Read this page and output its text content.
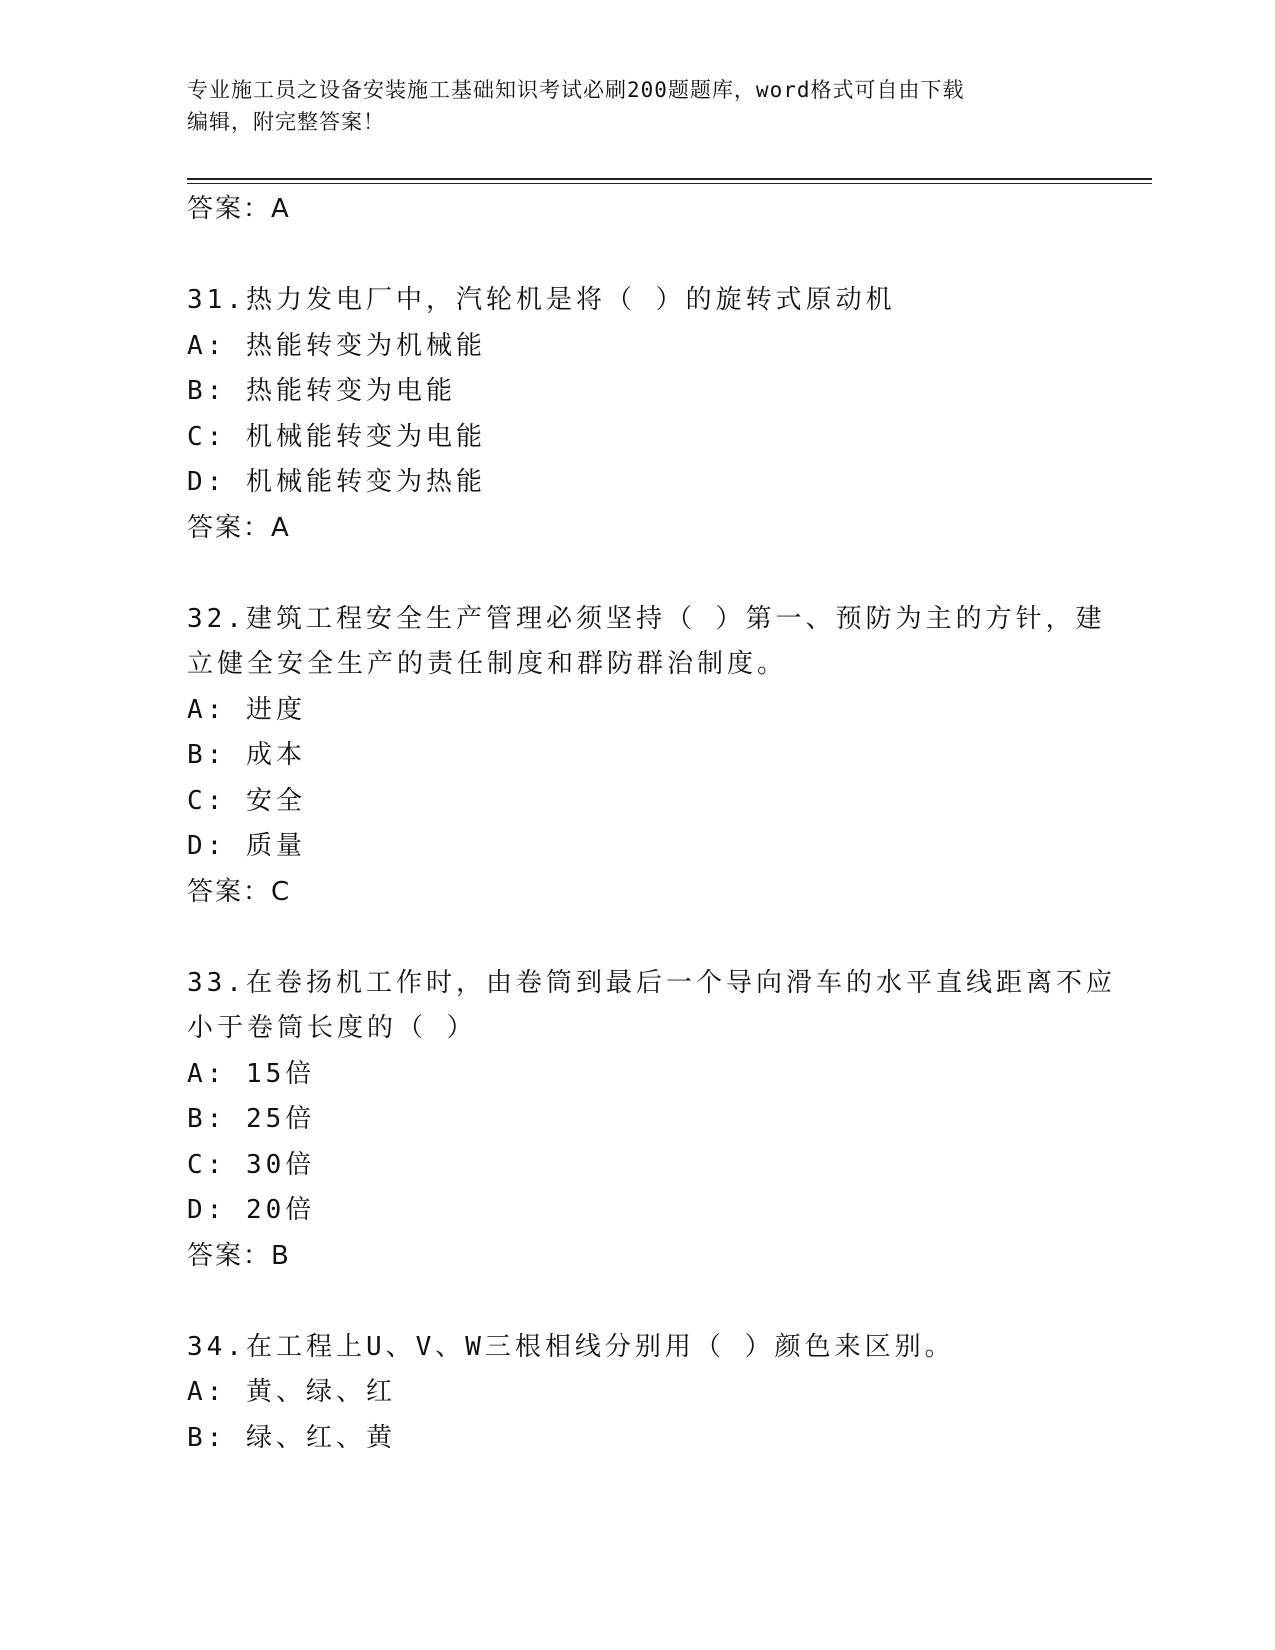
专业施工员之设备安装施工基础知识考试必刷200题题库，word格式可自由下载
编辑，附完整答案！
答案：A
31.热力发电厂中，汽轮机是将（ ）的旋转式原动机
A: 热能转变为机械能
B: 热能转变为电能
C: 机械能转变为电能
D: 机械能转变为热能
答案：A
32.建筑工程安全生产管理必须坚持（ ）第一、预防为主的方针，建
立健全安全生产的责任制度和群防群治制度。
A: 进度
B: 成本
C: 安全
D: 质量
答案：C
33.在卷扬机工作时，由卷筒到最后一个导向滑车的水平直线距离不应
小于卷筒长度的（ ）
A: 15倍
B: 25倍
C: 30倍
D: 20倍
答案：B
34.在工程上U、V、W三根相线分别用（ ）颜色来区别。
A: 黄、绿、红
B: 绿、红、黄
